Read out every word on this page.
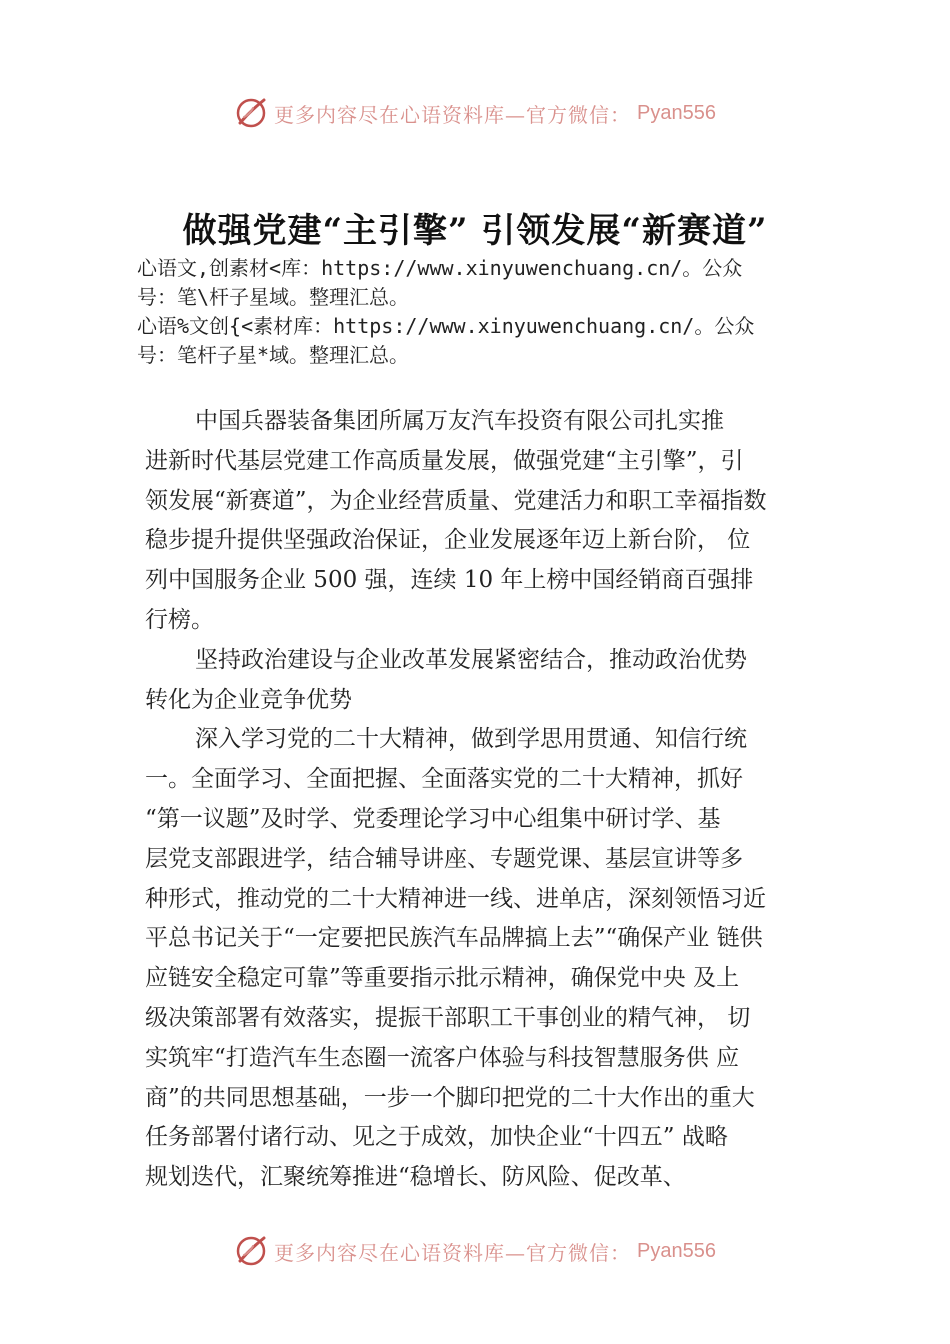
更多内容尽在心语资料库—官方微信： Pyan556
做强党建“主引擎” 引领发展“新赛道”
心语文,创素材<库：https://www.xinyuwenchuang.cn/。公众
号：笔\杆子星域。整理汇总。
心语%文创{<素材库：https://www.xinyuwenchuang.cn/。公众
号：笔杆子星*域。整理汇总。
中国兵器装备集团所属万友汽车投资有限公司扎实推
进新时代基层党建工作高质量发展，做强党建“主引擎”，引
领发展“新赛道”，为企业经营质量、党建活力和职工幸福指数
稳步提升提供坚强政治保证，企业发展逐年迈上新台阶， 位
列中国服务企业 500 强，连续 10 年上榜中国经销商百强排
行榜。
坚持政治建设与企业改革发展紧密结合，推动政治优势
转化为企业竞争优势
深入学习党的二十大精神，做到学思用贯通、知信行统
一。全面学习、全面把握、全面落实党的二十大精神，抓好
“第一议题”及时学、党委理论学习中心组集中研讨学、基
层党支部跟进学，结合辅导讲座、专题党课、基层宣讲等多
种形式，推动党的二十大精神进一线、进单店，深刻领悟习近
平总书记关于“一定要把民族汽车品牌搞上去”“确保产业 链供
应链安全稳定可靠”等重要指示批示精神，确保党中央 及上
级决策部署有效落实，提振干部职工干事创业的精气神， 切
实筑牢“打造汽车生态圈一流客户体验与科技智慧服务供 应
商”的共同思想基础，一步一个脚印把党的二十大作出的重大
任务部署付诸行动、见之于成效，加快企业“十四五” 战略
规划迭代，汇聚统筹推进“稳增长、防风险、促改革、
更多内容尽在心语资料库—官方微信： Pyan556
